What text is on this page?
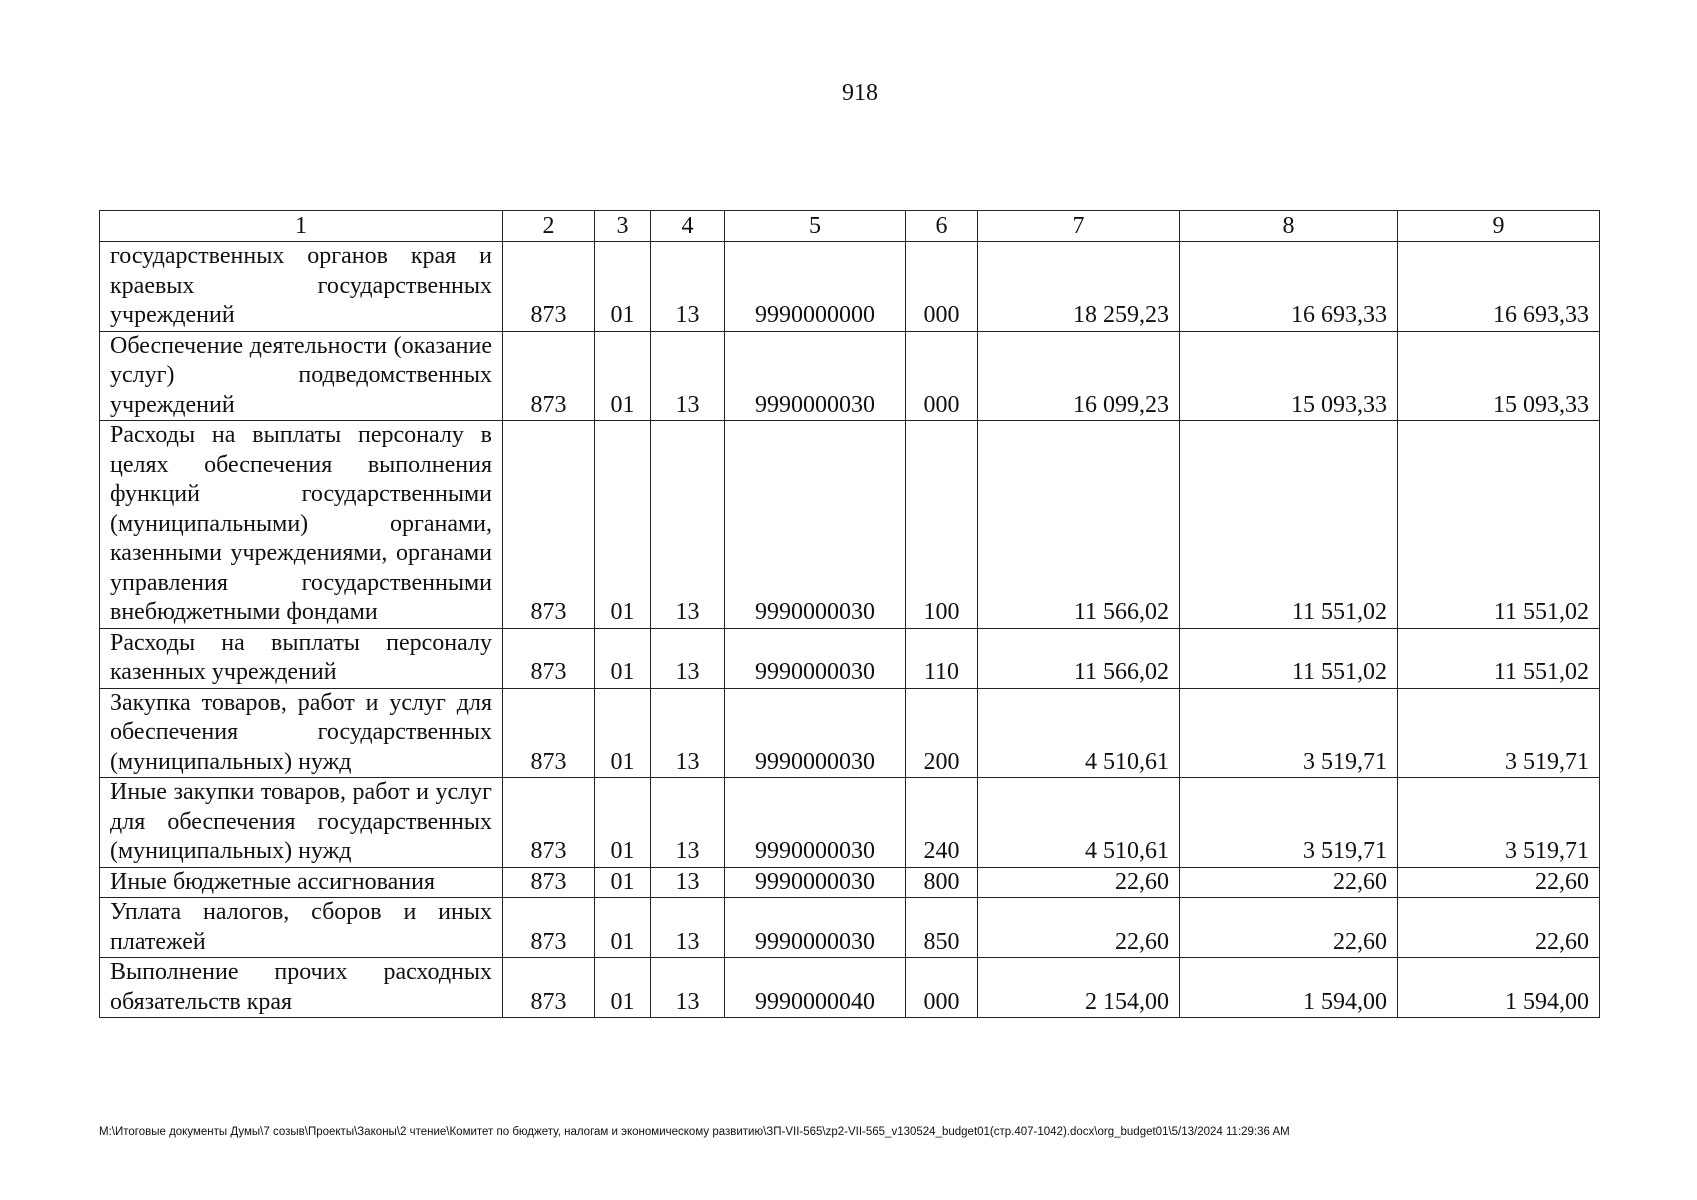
918
1	2	3	4	5	6	7	8	9
государственных органов края и краевых государственных учреждений	873	01	13	9990000000	000	18 259,23	16 693,33	16 693,33
Обеспечение деятельности (оказание услуг) подведомственных учреждений	873	01	13	9990000030	000	16 099,23	15 093,33	15 093,33
Расходы на выплаты персоналу в целях обеспечения выполнения функций государственными (муниципальными) органами, казенными учреждениями, органами управления государственными внебюджетными фондами	873	01	13	9990000030	100	11 566,02	11 551,02	11 551,02
Расходы на выплаты персоналу казенных учреждений	873	01	13	9990000030	110	11 566,02	11 551,02	11 551,02
Закупка товаров, работ и услуг для обеспечения государственных (муниципальных) нужд	873	01	13	9990000030	200	4 510,61	3 519,71	3 519,71
Иные закупки товаров, работ и услуг для обеспечения государственных (муниципальных) нужд	873	01	13	9990000030	240	4 510,61	3 519,71	3 519,71
Иные бюджетные ассигнования	873	01	13	9990000030	800	22,60	22,60	22,60
Уплата налогов, сборов и иных платежей	873	01	13	9990000030	850	22,60	22,60	22,60
Выполнение прочих расходных обязательств края	873	01	13	9990000040	000	2 154,00	1 594,00	1 594,00
M:\Итоговые документы Думы\7 созыв\Проекты\Законы\2 чтение\Комитет по бюджету, налогам и экономическому развитию\ЗП-VII-565\zp2-VII-565_v130524_budget01(стр.407-1042).docx\org_budget01\5/13/2024 11:29:36 AM
